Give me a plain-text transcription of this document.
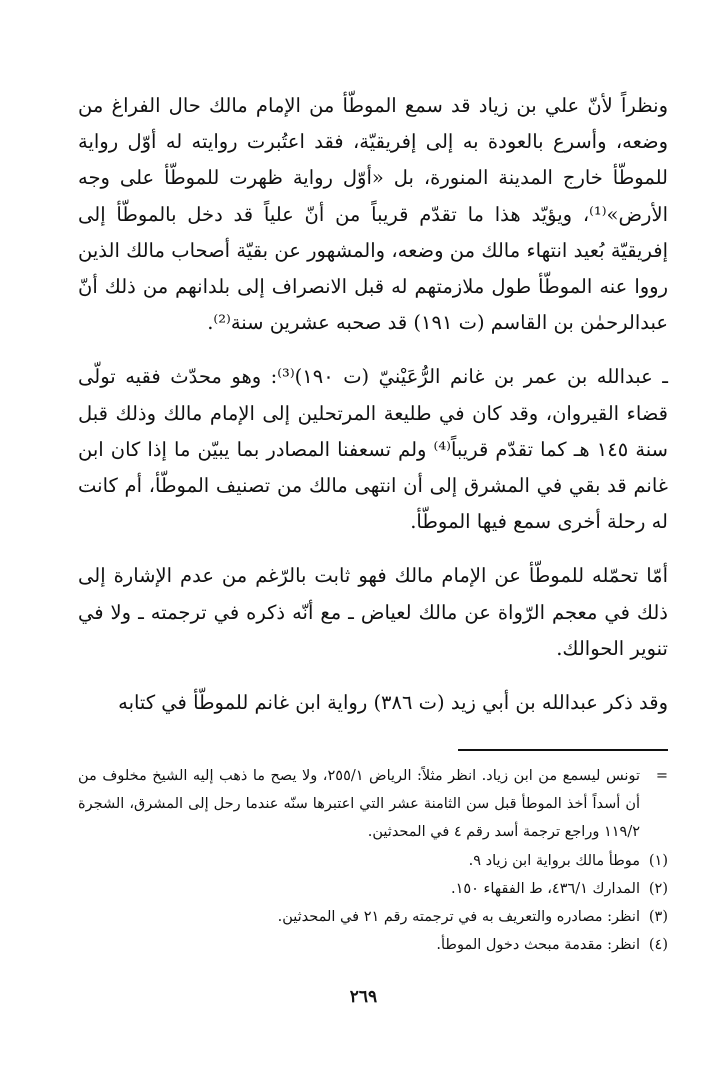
ونظراً لأنّ علي بن زياد قد سمع الموطّأ من الإمام مالك حال الفراغ من وضعه، وأسرع بالعودة به إلى إفريقيّة، فقد اعتُبرت روايته له أوّل رواية للموطّأ خارج المدينة المنورة، بل «أوّل رواية ظهرت للموطّأ على وجه الأرض»⁽¹⁾، ويؤيّد هذا ما تقدّم قريباً من أنّ علياً قد دخل بالموطّأ إلى إفريقيّة بُعيد انتهاء مالك من وضعه، والمشهور عن بقيّة أصحاب مالك الذين رووا عنه الموطّأ طول ملازمتهم له قبل الانصراف إلى بلدانهم من ذلك أنّ عبدالرحمٰن بن القاسم (ت ١٩١) قد صحبه عشرين سنة⁽²⁾.

ـ عبدالله بن عمر بن غانم الرُّعَيْنيّ (ت ١٩٠)⁽³⁾: وهو محدّث فقيه تولّى قضاء القيروان، وقد كان في طليعة المرتحلين إلى الإمام مالك وذلك قبل سنة ١٤٥ هـ كما تقدّم قريباً⁽⁴⁾ ولم تسعفنا المصادر بما يبيّن ما إذا كان ابن غانم قد بقي في المشرق إلى أن انتهى مالك من تصنيف الموطّأ، أم كانت له رحلة أخرى سمع فيها الموطّأ.

أمّا تحمّله للموطّأ عن الإمام مالك فهو ثابت بالرّغم من عدم الإشارة إلى ذلك في معجم الرّواة عن مالك لعياض ـ مع أنّه ذكره في ترجمته ـ ولا في تنوير الحوالك.

وقد ذكر عبدالله بن أبي زيد (ت ٣٨٦) رواية ابن غانم للموطّأ في كتابه

=
تونس ليسمع من ابن زياد. انظر مثلاً: الرياض ٢٥٥/١، ولا يصح ما ذهب إليه الشيخ مخلوف من أن أسداً أخذ الموطأ قبل سن الثامنة عشر التي اعتبرها سنّه عندما رحل إلى المشرق، الشجرة ١١٩/٢ وراجع ترجمة أسد رقم ٤ في المحدثين.
(١)
موطأ مالك برواية ابن زياد ٩.
(٢)
المدارك ٤٣٦/١، ط الفقهاء ١٥٠.
(٣)
انظر: مصادره والتعريف به في ترجمته رقم ٢١ في المحدثين.
(٤)
انظر: مقدمة مبحث دخول الموطأ.
٢٦٩
